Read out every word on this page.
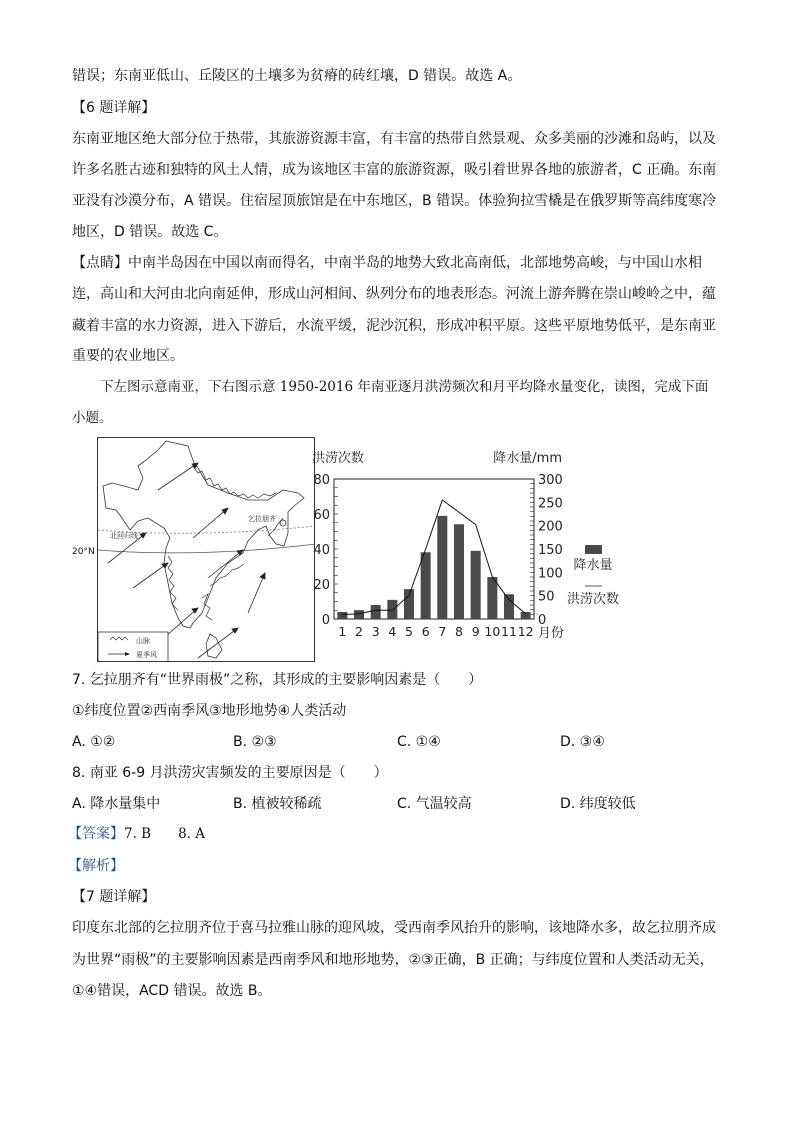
错误；东南亚低山、丘陵区的土壤多为贫瘠的砖红壤，D 错误。故选 A。
【6 题详解】
东南亚地区绝大部分位于热带，其旅游资源丰富，有丰富的热带自然景观、众多美丽的沙滩和岛屿，以及
许多名胜古迹和独特的风土人情，成为该地区丰富的旅游资源，吸引着世界各地的旅游者，C 正确。东南
亚没有沙漠分布，A 错误。住宿屋顶旅馆是在中东地区，B 错误。体验狗拉雪橇是在俄罗斯等高纬度寒冷
地区，D 错误。故选 C。
【点睛】中南半岛因在中国以南而得名，中南半岛的地势大致北高南低，北部地势高峻，与中国山水相
连，高山和大河由北向南延伸，形成山河相间、纵列分布的地表形态。河流上游奔腾在崇山峻岭之中，蕴
藏着丰富的水力资源，进入下游后，水流平缓，泥沙沉积，形成冲积平原。这些平原地势低平，是东南亚
重要的农业地区。
下左图示意南亚，下右图示意 1950-2016 年南亚逐月洪涝频次和月平均降水量变化，读图，完成下面
小题。
乞拉朋齐
北回归线
山脉
夏季风
20°N
0
20
40
60
80
0
50
100
150
200
250
300
1 2 3 4 5 6 7 8 9 10 11 12 月份
洪涝次数	降水量/mm
降水量
洪涝次数
7. 乞拉朋齐有“世界雨极”之称，其形成的主要影响因素是（　　）
①纬度位置②西南季风③地形地势④人类活动
A. ①②	B. ②③	C. ①④	D. ③④
8. 南亚 6-9 月洪涝灾害频发的主要原因是（　　）
A. 降水量集中	B. 植被较稀疏	C. 气温较高	D. 纬度较低
【答案】7. B　　8. A
【解析】
【7 题详解】
印度东北部的乞拉朋齐位于喜马拉雅山脉的迎风坡，受西南季风抬升的影响，该地降水多，故乞拉朋齐成
为世界“雨极”的主要影响因素是西南季风和地形地势，②③正确，B 正确；与纬度位置和人类活动无关，
①④错误，ACD 错误。故选 B。
